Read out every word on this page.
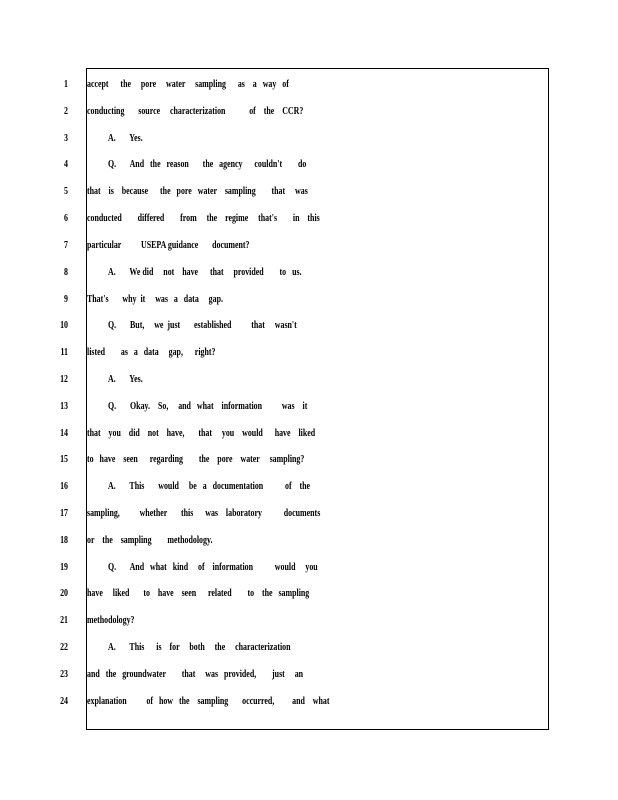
1 accept      the     pore     water     sampling      as    a   way   of
2 conducting       source     characterization            of    the    CCR?
3	A.       Yes.
4	Q.       And   the   reason       the   agency      couldn't        do
5 that    is    because      the   pore   water    sampling        that     was
6 conducted        differed        from     the    regime     that's        in    this
7 particular          USEPA guidance       document?
8	A.       We did     not    have      that     provided        to   us.
9 That's       why  it     was   a   data     gap.
10	Q.       But,     we  just       established          that     wasn't
11 listed        as   a   data     gap,      right?
12	A.       Yes.
13	Q.       Okay.    So,     and   what    information          was    it
14 that    you    did    not    have,       that     you    would      have    liked
15 to   have    seen      regarding        the    pore    water     sampling?
16	A.       This       would     be   a   documentation           of    the
17 sampling,          whether       this      was    laboratory           documents
18 or    the    sampling        methodology.
19	Q.       And   what   kind     of    information           would     you
20 have     liked       to    have    seen      related        to    the   sampling
21 methodology?
22	A.       This      is    for     both     the     characterization
23 and   the   groundwater        that     was   provided,        just     an
24 explanation          of   how   the    sampling       occurred,         and    what
